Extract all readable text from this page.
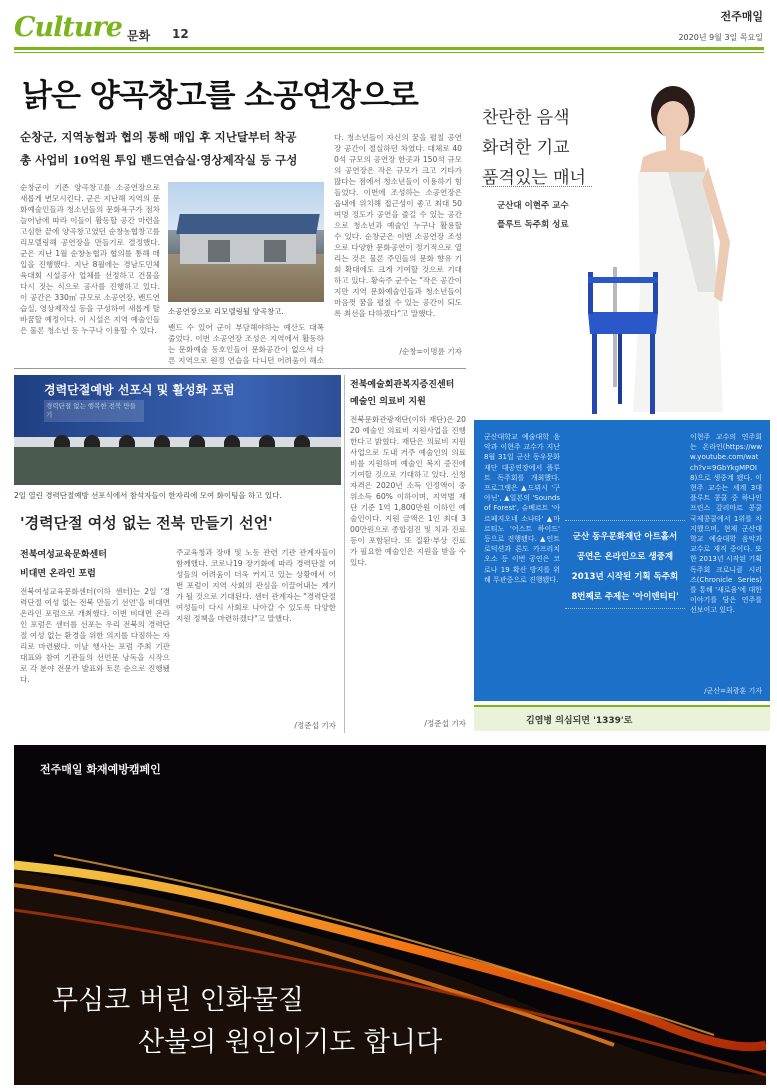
Culture 문화 12
전주매일
2020년 9월 3일 목요일
낡은 양곡창고를 소공연장으로
순창군, 지역농협과 협의 통해 매입 후 지난달부터 착공
총 사업비 10억원 투입 밴드연습실·영상제작실 등 구성
순창군이 기존 양곡창고를 소공연장으로 새롭게 변모시킨다. 군은 지난해 지역의 문화예술인들과 청소년들의 문화욕구가 점차 늘어남에 따라 이들이 활동할 공간 마련을 고심한 끝에 양곡창고였던 순창농협창고를 리모델링해 공연장을 만들기로 결정했다. 군은 지난 1월 순창농협과 협의를 통해 매입을 진행했다. 지난 8월에는 경남도민체육대회 시설공사 업체를 선정하고 건물을 다시 짓는 식으로 공사를 진행하고 있다. 이 공간은 330㎡ 규모로 소공연장, 밴드연습실, 영상제작실 등을 구성하여 새롭게 탈바꿈할 예정이다. 이 시설은 지역 예술인들은 물론 청소년 등 누구나 이용할 수 있다.
소공연장으로 리모델링될 양곡창고.
밴드 수 있어 군이 부담해야하는 예산도 대폭 줄었다. 이번 소공연장 조성은 지역에서 활동하는 문화예술 동호인들이 문화공간이 없으서 다른 지역으로 원정 연습을 다니던 어려움이 해소
다. 청소년들이 자신의 꿈을 펼칠 공연장 공간이 절실하던 차였다. 대체로 400석 규모의 공연장 한곳과 150석 규모의 공연장은 작은 규모가 크고 기타가 많다는 점에서 청소년들이 이용하기 힘들었다. 이번에 조성하는 소공연장은 읍내에 위치해 접근성이 좋고 최대 50여명 정도가 공연을 즐길 수 있는 공간으로 청소년과 예술인 누구나 활용할 수 있다. 순창군은 이번 소공연장 조성으로 다양한 문화공연이 정기적으로 열리는 것은 물론 주민들의 문화 향유 기회 확대에도 크게 기여할 것으로 기대하고 있다. 황숙주 군수는 "작은 공간이지만 지역 문화예술인들과 청소년들이 마음껏 꿈을 펼칠 수 있는 공간이 되도록 최선을 다하겠다"고 말했다.
/순창=이명륜 기자
찬란한 음색
화려한 기교
품격있는 매너
군산대 이현주 교수
플루트 독주회 성료
군산대학교 예술대학 음악과 이현주 교수가 지난 8월 31일 군산 동우문화재단 대공연장에서 플루트 독주회를 개최했다. 프로그램은 ▲드뷔시 '구아닌', ▲일본의 'Sounds of Forest', 슈베르트 '아르페지오네 소나타' ▲마르티노 '어스트 하이드' 등으로 진행됐다. ▲인트로덕션과 론도 카프리치오소 등 이번 공연은 코로나 19 확산 방지를 위해 무관중으로 진행됐다.
군산 동우문화재단 아트홀서
공연은 온라인으로 생중계
2013년 시작된 기획 독주회
8번째로 주제는 '아이덴티티'
이현주 교수의 연주회는 온라인(https://www.youtube.com/watch?v=9GbYkgMPOI8)으로 생중계 됐다. 이현주 교수는 세계 3대 플루트 콩쿨 중 하나인 프린스 갈리마르 콩쿨 국제콩쿨에서 1위를 차지했으며, 현재 군산대학교 예술대학 음악과 교수로 재직 중이다. 또한 2013년 시작된 기획 독주회 크로니클 시리즈(Chronicle Series)를 통해 '새로움'에 대한 이야기를 담은 연주를 선보이고 있다.
/군산=최광훈 기자
김염병 의심되면 '1339'로
경력단절예방 선포식 및 활성화 포럼
경력단절 없는 행복한 전북 만들기
2일 열린 경력단절예방 선포식에서 참석자들이 한자리에 모여 화이팅을 하고 있다.
'경력단절 여성 없는 전북 만들기 선언'
전북여성교육문화센터
비대면 온라인 포럼
전북여성교육문화센터(이하 센터)는 2일 '경력단절 여성 없는 전북 만들기 선언'을 비대면 온라인 포럼으로 개최했다. 이번 비대면 온라인 포럼은 센터를 선포는 우리 전북의 경력단절 여성 없는 환경을 위한 의지를 다짐하는 자리로 마련됐다. 이날 행사는 포럼 주최 기관 대표와 참여 기관들의 선언문 낭독을 시작으로 각 분야 전문가 발표와 토론 순으로 진행됐다.
주교육청과 장애 및 노동 관련 기관 관계자들이 함께했다. 코로나19 장기화에 따라 경력단절 여성들의 어려움이 더욱 커지고 있는 상황에서 이번 포럼이 지역 사회의 관심을 이끌어내는 계기가 될 것으로 기대된다. 센터 관계자는 "경력단절 여성들이 다시 사회로 나아갈 수 있도록 다양한 지원 정책을 마련하겠다"고 말했다.
/정준섭 기자
전북예술회관복지증진센터
예술인 의료비 지원
전북문화관광재단(이하 재단)은 2020 예술인 의료비 지원사업을 진행한다고 밝혔다. 재단은 의료비 지원사업으로 도내 거주 예술인의 의료비를 지원하며 예술인 복지 증진에 기여할 것으로 기대하고 있다. 신청 자격은 2020년 소득 인정액이 중위소득 60% 이하이며, 지역별 재단 기준 1억 1,800만원 이하인 예술인이다. 지원 금액은 1인 최대 300만원으로 종합검진 및 치과 진료 등이 포함된다. 또 질환·부상 진료가 필요한 예술인은 지원을 받을 수 있다.
/정준섭 기자
전주매일 화재예방캠페인
무심코 버린 인화물질
산불의 원인이기도 합니다
